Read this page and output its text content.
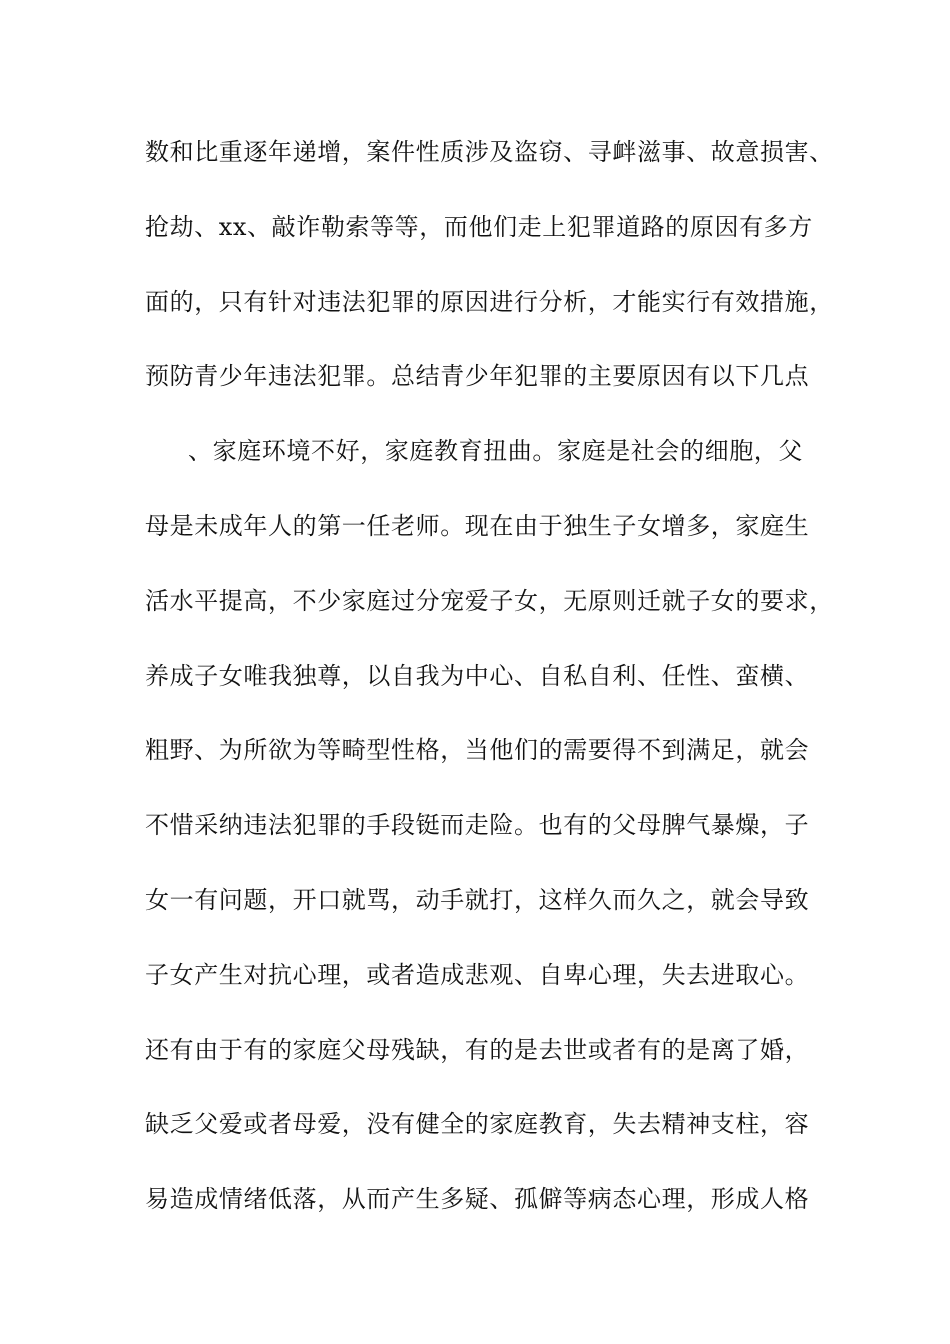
数和比重逐年递增，案件性质涉及盗窃、寻衅滋事、故意损害、
抢劫、xx、敲诈勒索等等，而他们走上犯罪道路的原因有多方
面的，只有针对违法犯罪的原因进行分析，才能实行有效措施，
预防青少年违法犯罪。总结青少年犯罪的主要原因有以下几点
、家庭环境不好，家庭教育扭曲。家庭是社会的细胞，父
母是未成年人的第一任老师。现在由于独生子女增多，家庭生
活水平提高，不少家庭过分宠爱子女，无原则迁就子女的要求，
养成子女唯我独尊，以自我为中心、自私自利、任性、蛮横、
粗野、为所欲为等畸型性格，当他们的需要得不到满足，就会
不惜采纳违法犯罪的手段铤而走险。也有的父母脾气暴燥，子
女一有问题，开口就骂，动手就打，这样久而久之，就会导致
子女产生对抗心理，或者造成悲观、自卑心理，失去进取心。
还有由于有的家庭父母残缺，有的是去世或者有的是离了婚，
缺乏父爱或者母爱，没有健全的家庭教育，失去精神支柱，容
易造成情绪低落，从而产生多疑、孤僻等病态心理，形成人格
